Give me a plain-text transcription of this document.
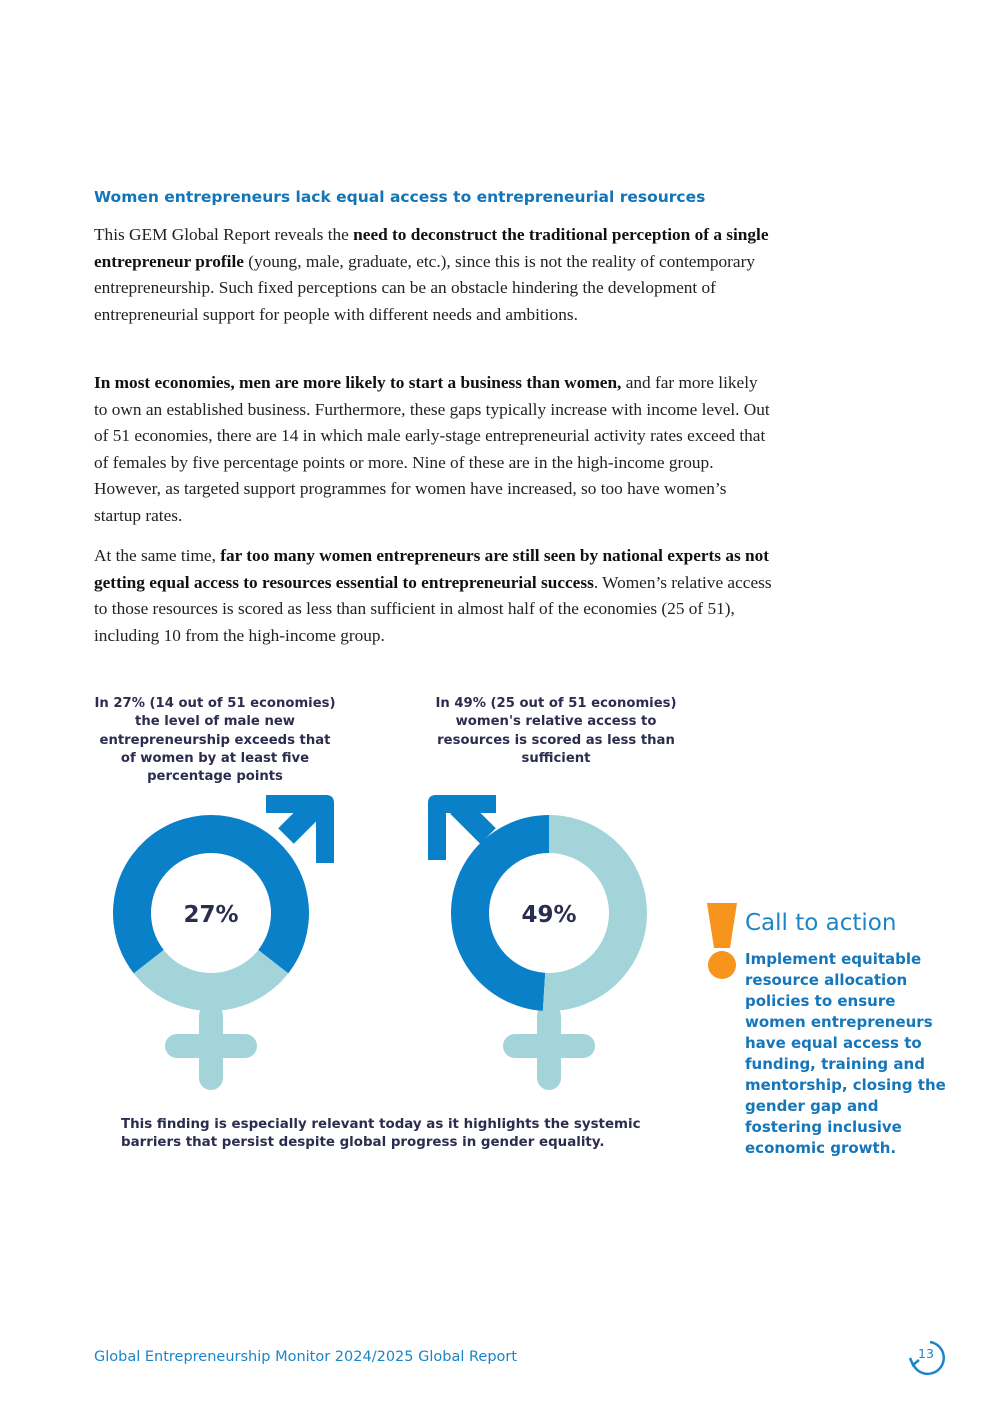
Women entrepreneurs lack equal access to entrepreneurial resources

This GEM Global Report reveals the need to deconstruct the traditional perception of a single entrepreneur profile (young, male, graduate, etc.), since this is not the reality of contemporary entrepreneurship. Such fixed perceptions can be an obstacle hindering the development of entrepreneurial support for people with different needs and ambitions.

In most economies, men are more likely to start a business than women, and far more likely to own an established business. Furthermore, these gaps typically increase with income level. Out of 51 economies, there are 14 in which male early-stage entrepreneurial activity rates exceed that of females by five percentage points or more. Nine of these are in the high-income group. However, as targeted support programmes for women have increased, so too have women’s startup rates.

At the same time, far too many women entrepreneurs are still seen by national experts as not getting equal access to resources essential to entrepreneurial success. Women’s relative access to those resources is scored as less than sufficient in almost half of the economies (25 of 51), including 10 from the high-income group.

In 27% (14 out of 51 economies) the level of male new entrepreneurship exceeds that of women by at least five percentage points

In 49% (25 out of 51 economies) women's relative access to resources is scored as less than sufficient

27%	49%

This finding is especially relevant today as it highlights the systemic barriers that persist despite global progress in gender equality.

Call to action

Implement equitable resource allocation policies to ensure women entrepreneurs have equal access to funding, training and mentorship, closing the gender gap and fostering inclusive economic growth.

Global Entrepreneurship Monitor 2024/2025 Global Report	13
